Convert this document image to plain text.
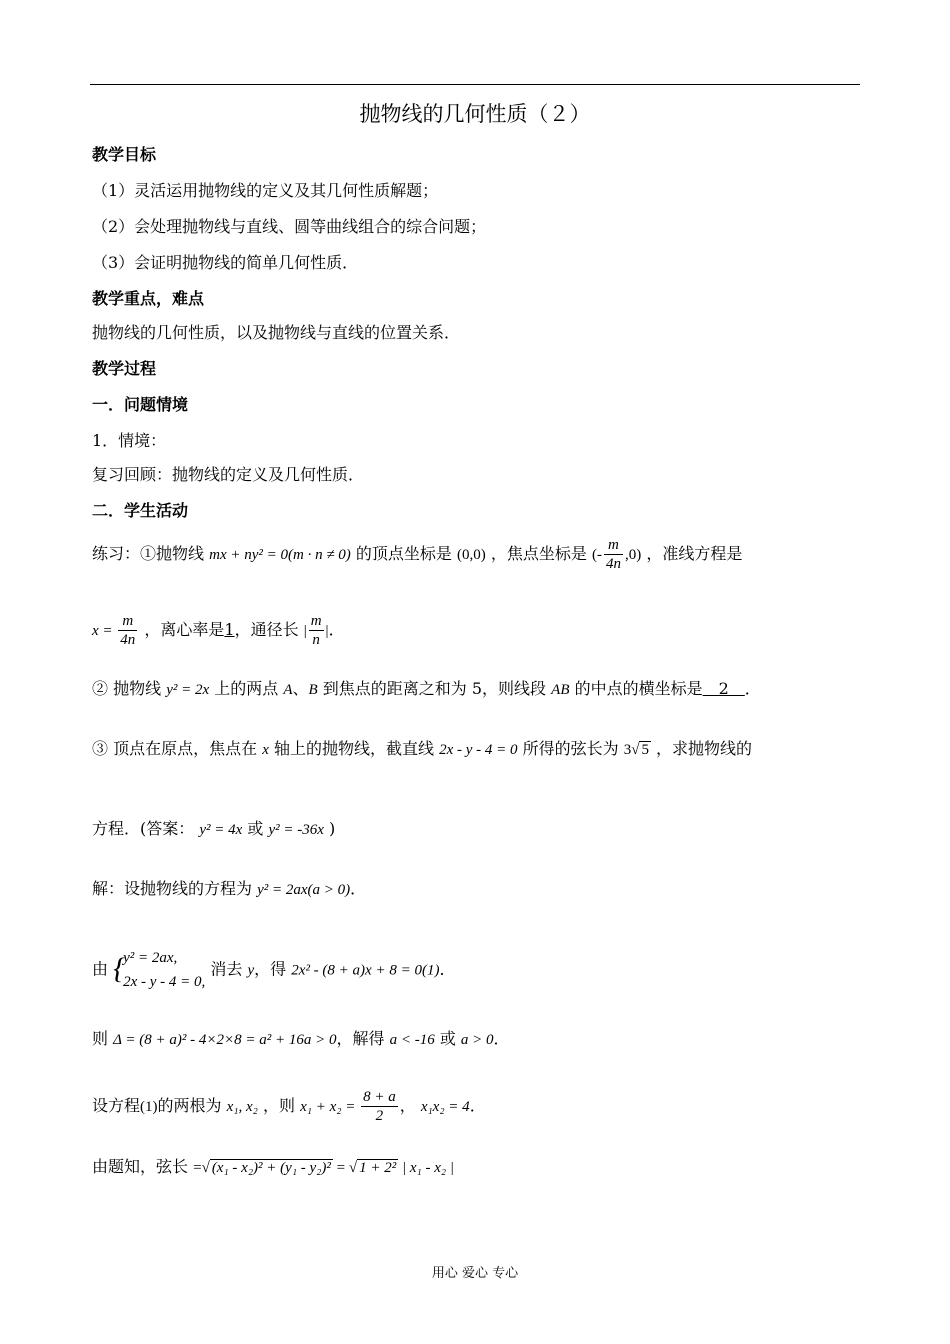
抛物线的几何性质（２）
教学目标
（1）灵活运用抛物线的定义及其几何性质解题；
（2）会处理抛物线与直线、圆等曲线组合的综合问题；
（3）会证明抛物线的简单几何性质．
教学重点，难点
抛物线的几何性质，以及抛物线与直线的位置关系．
教学过程
一．问题情境
1．情境：
复习回顾：抛物线的定义及几何性质．
二．学生活动
练习：①抛物线 mx + ny² = 0(m · n ≠ 0) 的顶点坐标是 (0,0) ，焦点坐标是 (- $\frac{m}{4n} ,0$) ，准线方程是
$x = \frac{m}{4n}$ ，离心率是1，通径长 | $\frac{m}{n}$ |．
② 抛物线 y² = 2x 上的两点 A、B 到焦点的距离之和为 5，则线段 AB 的中点的横坐标是　2　．
③ 顶点在原点，焦点在 x 轴上的抛物线，截直线 2x - y - 4 = 0 所得的弦长为 3√ 5 ，求抛物线的
方程．(答案： y² = 4x 或 y² = -36x )
解：设抛物线的方程为 y² = 2ax(a > 0)．
由 {
y² = 2ax,
2x - y - 4 = 0,
消去 y，得 2x² - (8 + a)x + 8 = 0(1)．
则 Δ = (8 + a)² - 4×2×8 = a² + 16a > 0，解得 a < -16 或 a > 0．
设方程(1)的两根为 x₁, x₂ ，则 $x_1 + x_2 = \frac{8 + a}{2}$ ， x₁x₂ = 4．
由题知，弦长 =√ (x₁ - x₂)² + (y₁ - y₂)² = √ 1 + 2² | x₁ - x₂ |
用心 爱心 专心
